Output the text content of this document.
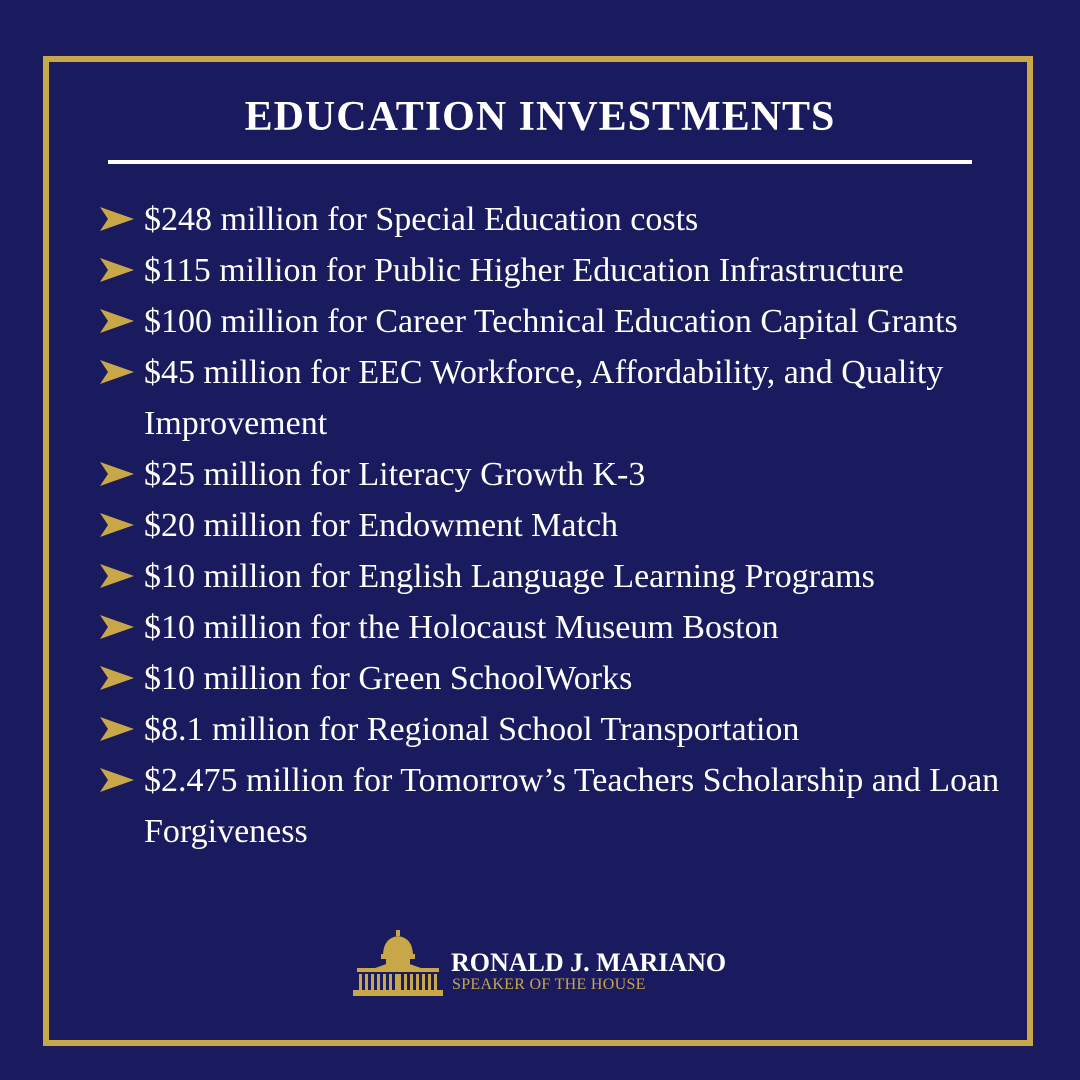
EDUCATION INVESTMENTS
$248 million for Special Education costs
$115 million for Public Higher Education Infrastructure
$100 million for Career Technical Education Capital Grants
$45 million for EEC Workforce, Affordability, and Quality Improvement
$25 million for Literacy Growth K-3
$20 million for Endowment Match
$10 million for English Language Learning Programs
$10 million for the Holocaust Museum Boston
$10 million for Green SchoolWorks
$8.1 million for Regional School Transportation
$2.475 million for Tomorrow’s Teachers Scholarship and Loan Forgiveness
RONALD J. MARIANO
SPEAKER OF THE HOUSE
